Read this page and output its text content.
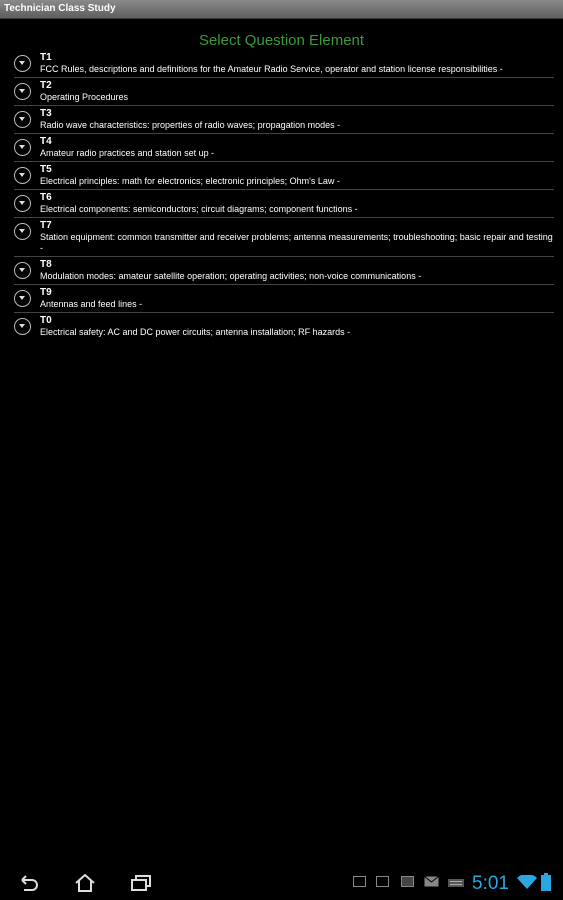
Technician Class Study
Select Question Element
T1
FCC Rules, descriptions and definitions for the Amateur Radio Service, operator and station license responsibilities -
T2
Operating Procedures
T3
Radio wave characteristics: properties of radio waves; propagation modes -
T4
Amateur radio practices and station set up -
T5
Electrical principles: math for electronics; electronic principles; Ohm's Law -
T6
Electrical components: semiconductors; circuit diagrams; component functions -
T7
Station equipment: common transmitter and receiver problems; antenna measurements; troubleshooting; basic repair and testing -
T8
Modulation modes: amateur satellite operation; operating activities; non-voice communications -
T9
Antennas and feed lines -
T0
Electrical safety: AC and DC power circuits; antenna installation; RF hazards -
5:01
